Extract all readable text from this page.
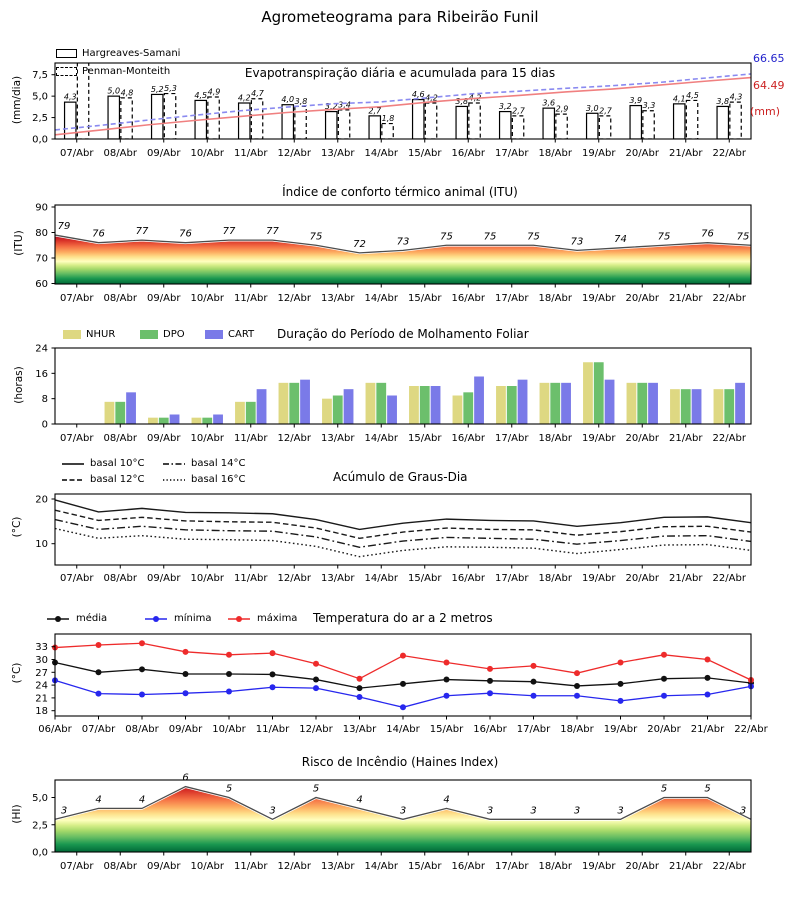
Agrometeograma para Ribeirão Funil
4,3
5,0 4,8 5,2 5,3
4,5 4,9
4,2 4,7
4,0 3,8
3,2 3,4
2,7
1,8
4,6 4,2 3,8 4,2
3,2 2,7
3,6
2,9 3,0 2,7
3,9
3,3
4,1 4,5
3,8 4,3
0,0
2,5
5,0
7,5
07/Abr 08/Abr 09/Abr 10/Abr 11/Abr 12/Abr 13/Abr 14/Abr 15/Abr 16/Abr 17/Abr 18/Abr 19/Abr 20/Abr 21/Abr 22/Abr
79
76	77	76	77	77	75
72	73	75	75	75	73	74	75	76 75
60
70
80
90
07/Abr 08/Abr 09/Abr 10/Abr 11/Abr 12/Abr 13/Abr 14/Abr 15/Abr 16/Abr 17/Abr 18/Abr 19/Abr 20/Abr 21/Abr 22/Abr
0
8
16
24
07/Abr 08/Abr 09/Abr 10/Abr 11/Abr 12/Abr 13/Abr 14/Abr 15/Abr 16/Abr 17/Abr 18/Abr 19/Abr 20/Abr 21/Abr 22/Abr
10
20
07/Abr 08/Abr 09/Abr 10/Abr 11/Abr 12/Abr 13/Abr 14/Abr 15/Abr 16/Abr 17/Abr 18/Abr 19/Abr 20/Abr 21/Abr 22/Abr
18
21
24
27
30
33
06/Abr 07/Abr 08/Abr 09/Abr 10/Abr 11/Abr 12/Abr 13/Abr 14/Abr 15/Abr 16/Abr 17/Abr 18/Abr 19/Abr 20/Abr 21/Abr 22/Abr
3
4	4
6
5
3
5
4
3
4
3	3	3	3
5	5
3
0,0
2,5
5,0
07/Abr 08/Abr 09/Abr 10/Abr 11/Abr 12/Abr 13/Abr 14/Abr 15/Abr 16/Abr 17/Abr 18/Abr 19/Abr 20/Abr 21/Abr 22/Abr
Hargreaves-Samani
Penman-Monteith	Evapotranspiração diária e acumulada para 15 dias
(mm/dia)
66.65
64.49
(mm)
Índice de conforto térmico animal (ITU)
(ITU)
NHUR	DPO	CART Duração do Período de Molhamento Foliar
(horas)
basal 10°C
basal 12°C
basal 14°C
basal 16°C	Acúmulo de Graus-Dia
(°C)
média	mínima	máxima Temperatura do ar a 2 metros
(°C)
Risco de Incêndio (Haines Index)
(HI)
